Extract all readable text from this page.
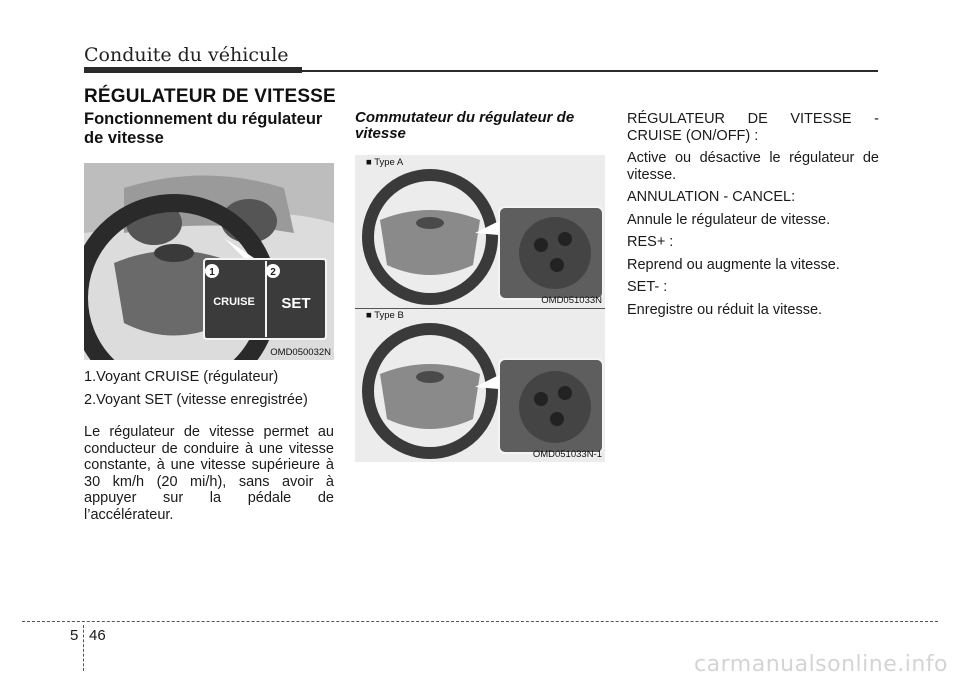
Conduite du véhicule
RÉGULATEUR DE VITESSE
Fonctionnement du régulateur de vitesse
1	2
CRUISE SET
OMD050032N
1.Voyant CRUISE (régulateur)
2.Voyant SET (vitesse enregistrée)

Le régulateur de vitesse permet au conducteur de conduire à une vitesse constante, à une vitesse supérieure à 30 km/h (20 mi/h), sans avoir à appuyer sur la pédale de l’accélérateur.

Commutateur du régulateur de vitesse
■ Type A
OMD051033N
■ Type B
OMD051033N-1

RÉGULATEUR DE VITESSE - CRUISE (ON/OFF) :

Active ou désactive le régulateur de vitesse.

ANNULATION - CANCEL:

Annule le régulateur de vitesse.

RES+ :

Reprend ou augmente la vitesse.

SET- :

Enregistre ou réduit la vitesse.

5 46
carmanualsonline.info
